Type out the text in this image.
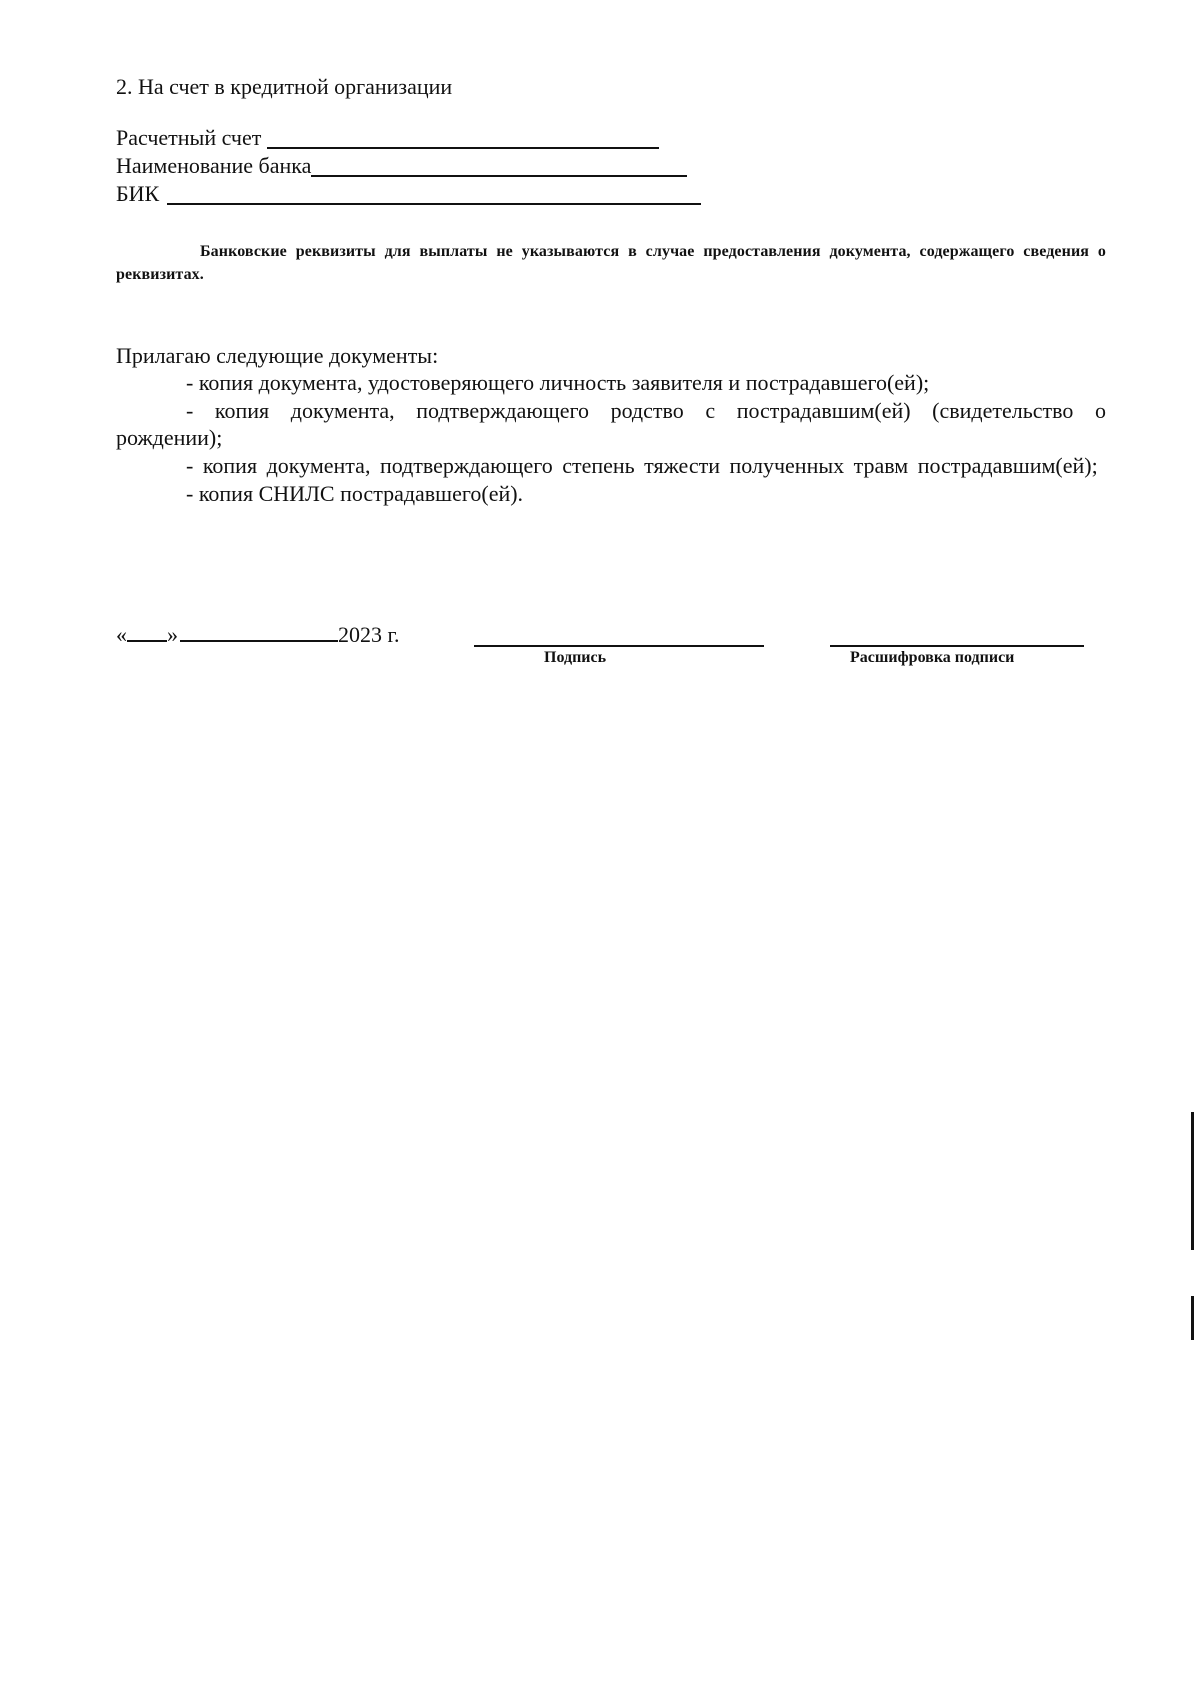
2. На счет в кредитной организации
Расчетный счет
Наименование банка
БИК
Банковские реквизиты для выплаты не указываются в случае предоставления документа, содержащего сведения о реквизитах.
Прилагаю следующие документы:

- копия документа, удостоверяющего личность заявителя и пострадавшего(ей);

- копия документа, подтверждающего родство с пострадавшим(ей) (свидетельство о рождении);

- копия документа, подтверждающего степень тяжести полученных травм пострадавшим(ей);

- копия СНИЛС пострадавшего(ей).

« »	2023 г.
Подпись	Расшифровка подписи
